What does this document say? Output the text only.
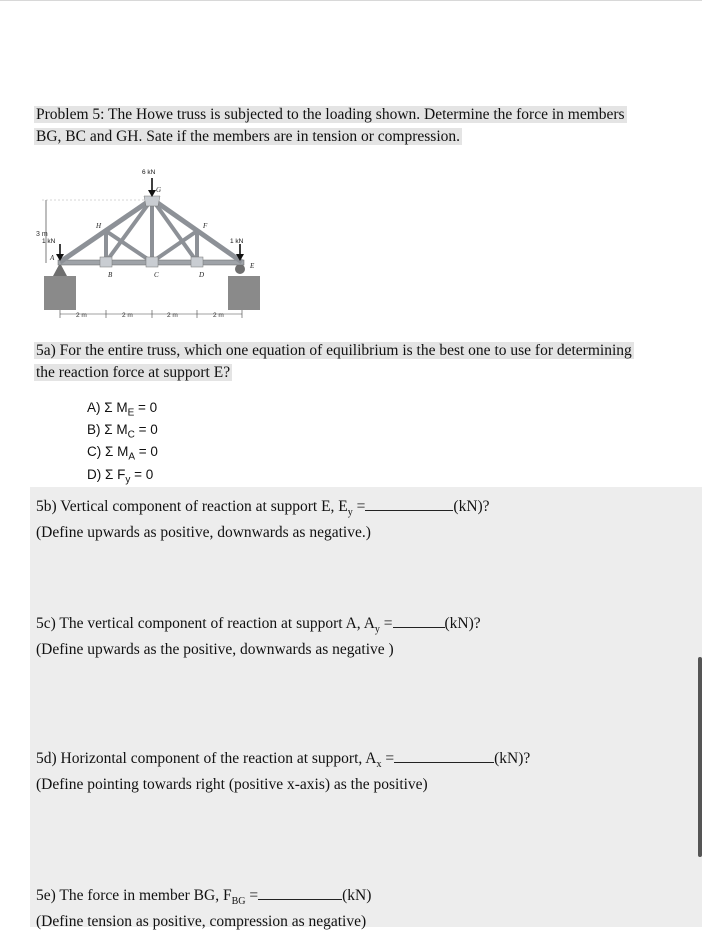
Problem 5: The Howe truss is subjected to the loading shown. Determine the force in members
BG, BC and GH. Sate if the members are in tension or compression.
3 m
6 kN
1 kN	1 kN
A
B	C	D
E
F
G
H
2 m	2 m	2 m	2 m
5a) For the entire truss, which one equation of equilibrium is the best one to use for determining
the reaction force at support E?
A) Σ $M_E = 0$
B) Σ $M_C = 0$
C) Σ $M_A = 0$
D) Σ $F_y = 0$
5b) Vertical component of reaction at support E, $E_y$ =	(kN)?
(Define upwards as positive, downwards as negative.)
5c) The vertical component of reaction at support A, $A_y$ =	(kN)?
(Define upwards as the positive, downwards as negative )
5d) Horizontal component of the reaction at support, $A_x$ =	(kN)?
(Define pointing towards right (positive x-axis) as the positive)
5e) The force in member BG, $F_{BG}$ =	(kN)
(Define tension as positive, compression as negative)
